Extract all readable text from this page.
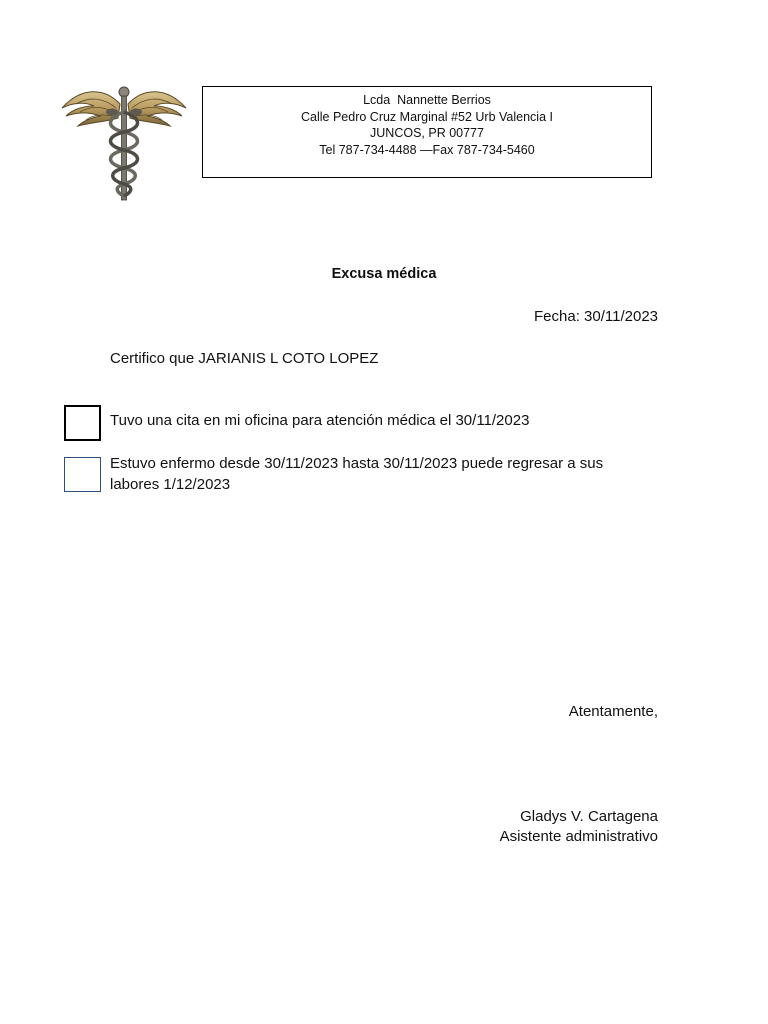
Lcda  Nannette Berrios
Calle Pedro Cruz Marginal #52 Urb Valencia I
JUNCOS, PR 00777
Tel 787-734-4488 —Fax 787-734-5460
Excusa médica
Fecha: 30/11/2023
Certifico que JARIANIS L COTO LOPEZ
Tuvo una cita en mi oficina para atención médica el 30/11/2023
Estuvo enfermo desde 30/11/2023 hasta 30/11/2023 puede regresar a sus
labores 1/12/2023
Atentamente,
Gladys V. Cartagena
Asistente administrativo
